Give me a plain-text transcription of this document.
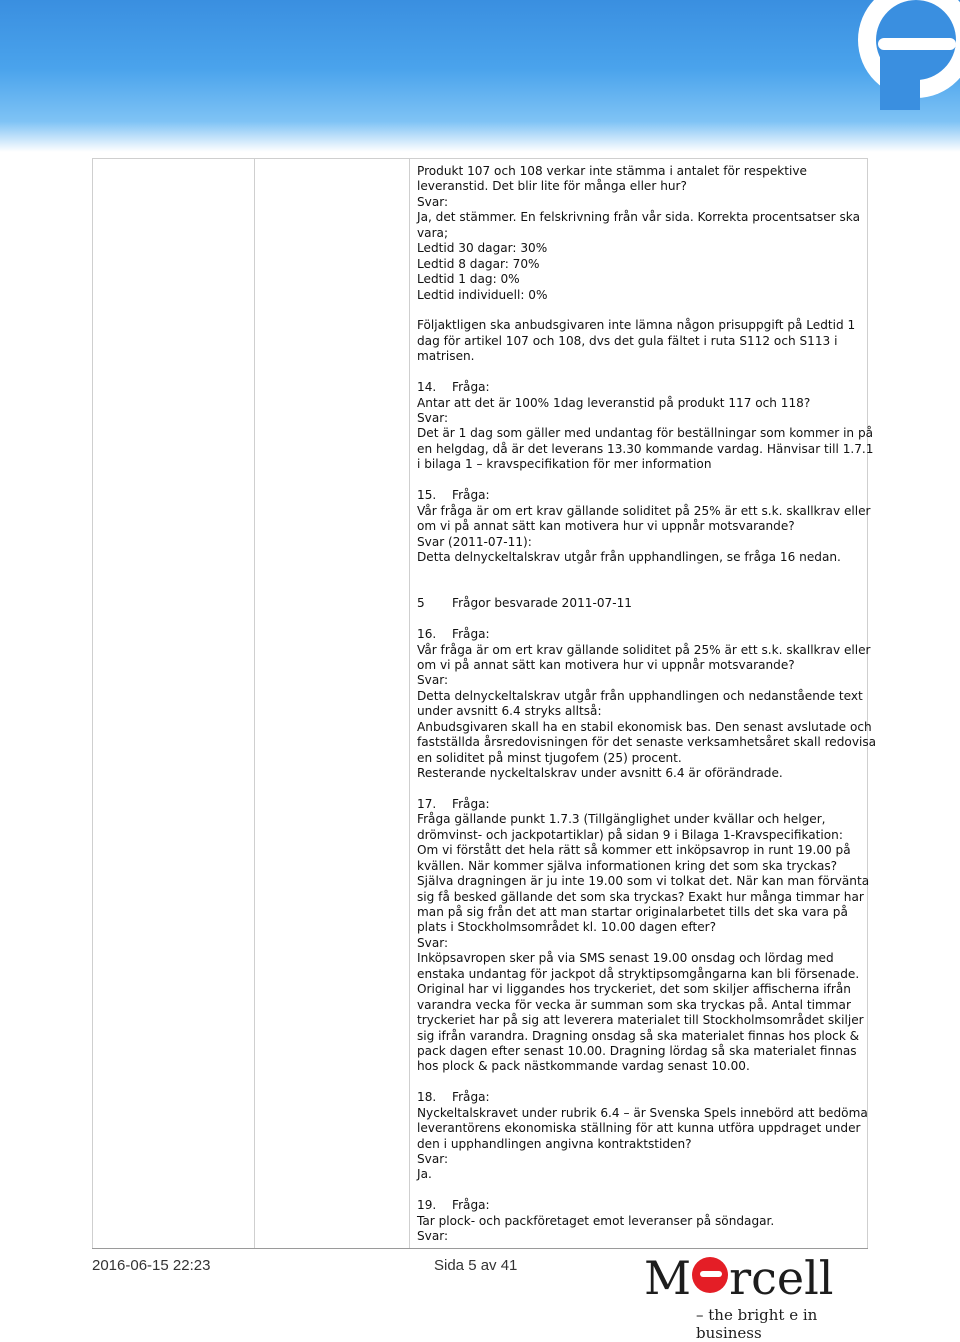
Produkt 107 och 108 verkar inte stämma i antalet för respektive
leveranstid. Det blir lite för många eller hur?
Svar:
Ja, det stämmer. En felskrivning från vår sida. Korrekta procentsatser ska
vara;
Ledtid 30 dagar: 30%
Ledtid 8 dagar: 70%
Ledtid 1 dag: 0%
Ledtid individuell: 0%
Följaktligen ska anbudsgivaren inte lämna någon prisuppgift på Ledtid 1
dag för artikel 107 och 108, dvs det gula fältet i ruta S112 och S113 i
matrisen.
14. Fråga:
Antar att det är 100% 1dag leveranstid på produkt 117 och 118?
Svar:
Det är 1 dag som gäller med undantag för beställningar som kommer in på
en helgdag, då är det leverans 13.30 kommande vardag. Hänvisar till 1.7.1
i bilaga 1 – kravspecifikation för mer information
15. Fråga:
Vår fråga är om ert krav gällande soliditet på 25% är ett s.k. skallkrav eller
om vi på annat sätt kan motivera hur vi uppnår motsvarande?
Svar (2011-07-11):
Detta delnyckeltalskrav utgår från upphandlingen, se fråga 16 nedan.
5 Frågor besvarade 2011-07-11
16. Fråga:
Vår fråga är om ert krav gällande soliditet på 25% är ett s.k. skallkrav eller
om vi på annat sätt kan motivera hur vi uppnår motsvarande?
Svar:
Detta delnyckeltalskrav utgår från upphandlingen och nedanstående text
under avsnitt 6.4 stryks alltså:
Anbudsgivaren skall ha en stabil ekonomisk bas. Den senast avslutade och
fastställda årsredovisningen för det senaste verksamhetsåret skall redovisa
en soliditet på minst tjugofem (25) procent.
Resterande nyckeltalskrav under avsnitt 6.4 är oförändrade.
17. Fråga:
Fråga gällande punkt 1.7.3 (Tillgänglighet under kvällar och helger,
drömvinst- och jackpotartiklar) på sidan 9 i Bilaga 1-Kravspecifikation:
Om vi förstått det hela rätt så kommer ett inköpsavrop in runt 19.00 på
kvällen. När kommer själva informationen kring det som ska tryckas?
Själva dragningen är ju inte 19.00 som vi tolkat det. När kan man förvänta
sig få besked gällande det som ska tryckas? Exakt hur många timmar har
man på sig från det att man startar originalarbetet tills det ska vara på
plats i Stockholmsområdet kl. 10.00 dagen efter?
Svar:
Inköpsavropen sker på via SMS senast 19.00 onsdag och lördag med
enstaka undantag för jackpot då stryktipsomgångarna kan bli försenade.
Original har vi liggandes hos tryckeriet, det som skiljer affischerna ifrån
varandra vecka för vecka är summan som ska tryckas på. Antal timmar
tryckeriet har på sig att leverera materialet till Stockholmsområdet skiljer
sig ifrån varandra. Dragning onsdag så ska materialet finnas hos plock &
pack dagen efter senast 10.00. Dragning lördag så ska materialet finnas
hos plock & pack nästkommande vardag senast 10.00.
18. Fråga:
Nyckeltalskravet under rubrik 6.4 – är Svenska Spels innebörd att bedöma
leverantörens ekonomiska ställning för att kunna utföra uppdraget under
den i upphandlingen angivna kontraktstiden?
Svar:
Ja.
19. Fråga:
Tar plock- och packföretaget emot leveranser på söndagar.
Svar:
2016-06-15 22:23	Sida 5 av 41	M rcell
– the bright e in business
